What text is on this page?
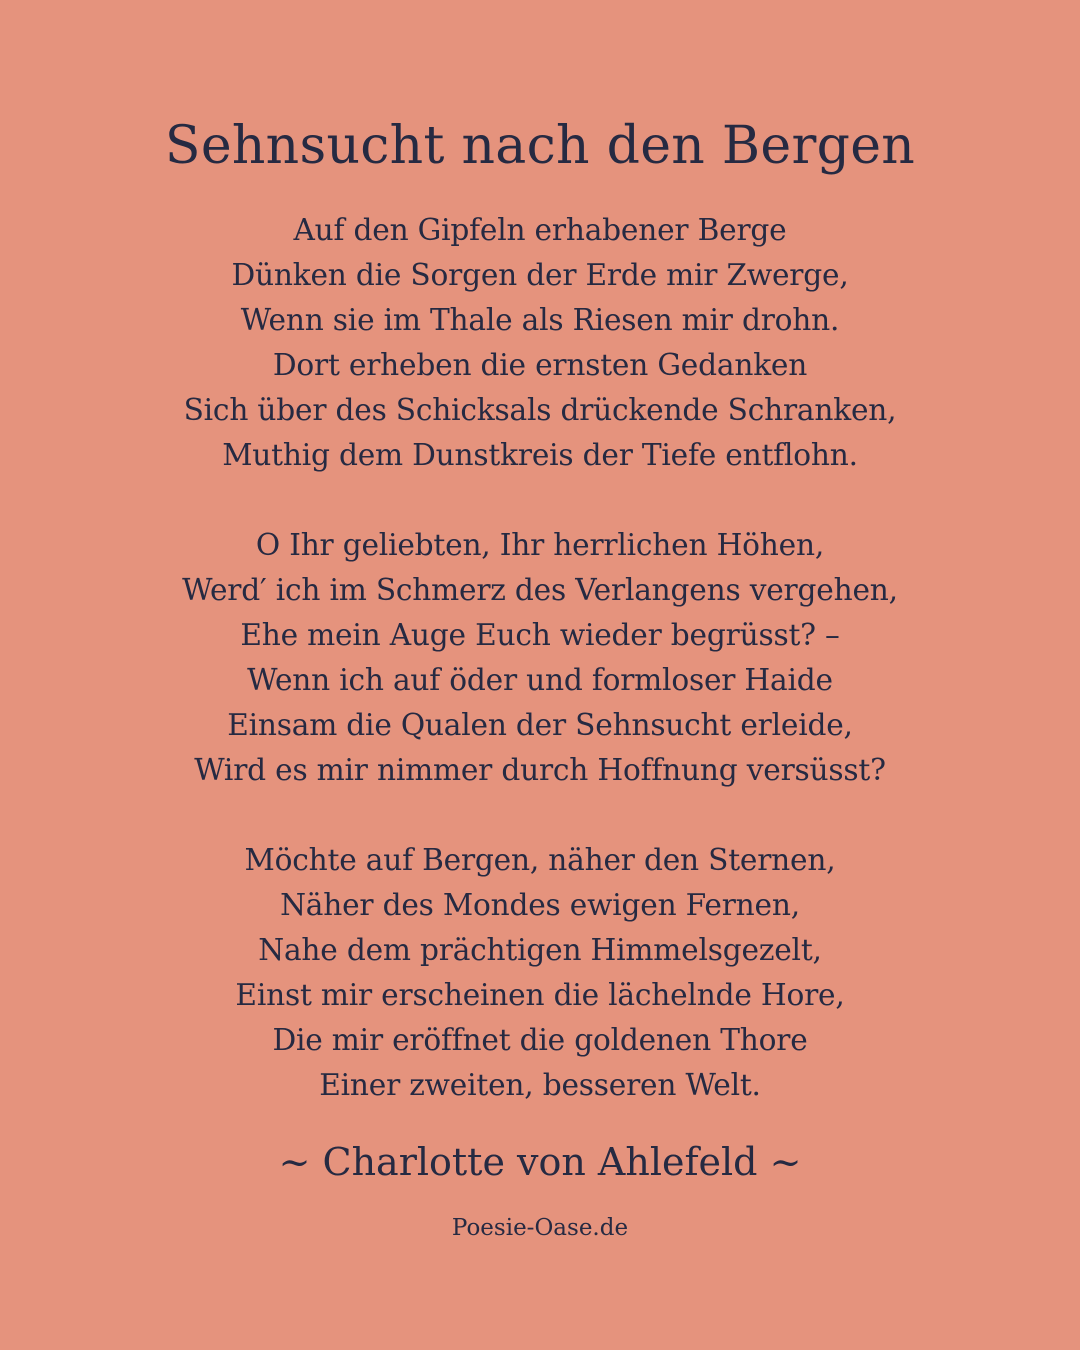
Sehnsucht nach den Bergen
Auf den Gipfeln erhabener Berge
Dünken die Sorgen der Erde mir Zwerge,
Wenn sie im Thale als Riesen mir drohn.
Dort erheben die ernsten Gedanken
Sich über des Schicksals drückende Schranken,
Muthig dem Dunstkreis der Tiefe entflohn.
O Ihr geliebten, Ihr herrlichen Höhen,
Werd′ ich im Schmerz des Verlangens vergehen,
Ehe mein Auge Euch wieder begrüsst? –
Wenn ich auf öder und formloser Haide
Einsam die Qualen der Sehnsucht erleide,
Wird es mir nimmer durch Hoffnung versüsst?
Möchte auf Bergen, näher den Sternen,
Näher des Mondes ewigen Fernen,
Nahe dem prächtigen Himmelsgezelt,
Einst mir erscheinen die lächelnde Hore,
Die mir eröffnet die goldenen Thore
Einer zweiten, besseren Welt.

~ Charlotte von Ahlefeld ~

Poesie-Oase.de
